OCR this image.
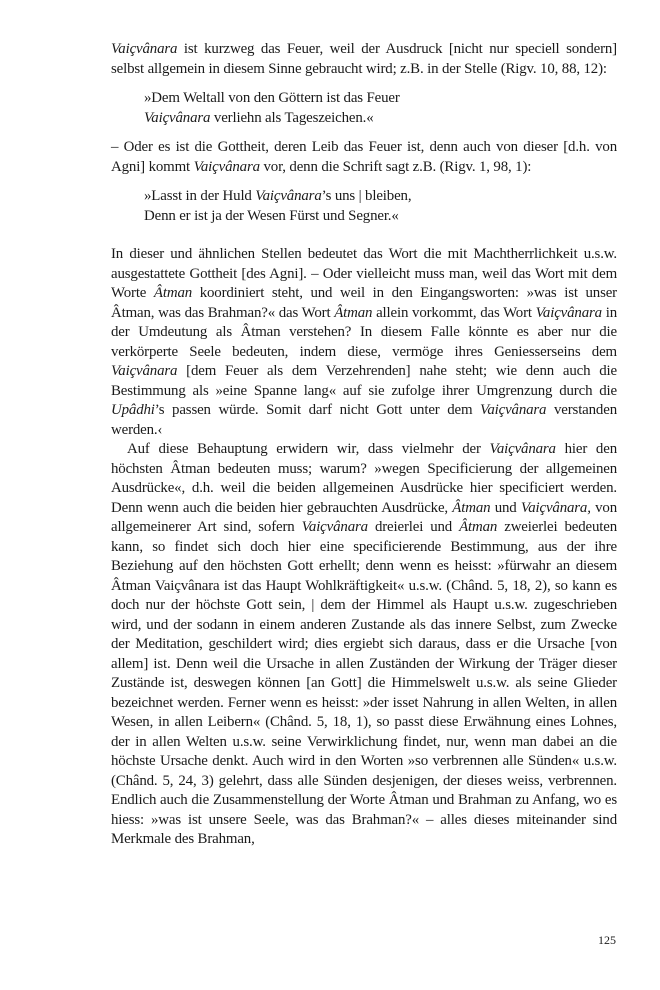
Vaiçvânara ist kurzweg das Feuer, weil der Ausdruck [nicht nur speciell sondern] selbst allgemein in diesem Sinne gebraucht wird; z.B. in der Stelle (Rigv. 10, 88, 12):

»Dem Weltall von den Göttern ist das Feuer
Vaiçvânara verliehn als Tageszeichen.«

– Oder es ist die Gottheit, deren Leib das Feuer ist, denn auch von dieser [d.h. von Agni] kommt Vaiçvânara vor, denn die Schrift sagt z.B. (Rigv. 1, 98, 1):

»Lasst in der Huld Vaiçvânara’s uns | bleiben,
Denn er ist ja der Wesen Fürst und Segner.«

In dieser und ähnlichen Stellen bedeutet das Wort die mit Machtherrlichkeit u.s.w. ausgestattete Gottheit [des Agni]. – Oder vielleicht muss man, weil das Wort mit dem Worte Âtman koordiniert steht, und weil in den Eingangsworten: »was ist unser Âtman, was das Brahman?« das Wort Âtman allein vorkommt, das Wort Vaiçvânara in der Umdeutung als Âtman verstehen? In diesem Falle könnte es aber nur die verkörperte Seele bedeuten, indem diese, vermöge ihres Geniesserseins dem Vaiçvânara [dem Feuer als dem Verzehrenden] nahe steht; wie denn auch die Bestimmung als »eine Spanne lang« auf sie zufolge ihrer Umgrenzung durch die Upâdhi’s passen würde. Somit darf nicht Gott unter dem Vaiçvânara verstanden werden.‹

Auf diese Behauptung erwidern wir, dass vielmehr der Vaiçvânara hier den höchsten Âtman bedeuten muss; warum? »wegen Specificierung der allgemeinen Ausdrücke«, d.h. weil die beiden allgemeinen Ausdrücke hier specificiert werden. Denn wenn auch die beiden hier gebrauchten Ausdrücke, Âtman und Vaiçvânara, von allgemeinerer Art sind, sofern Vaiçvânara dreierlei und Âtman zweierlei bedeuten kann, so findet sich doch hier eine specificierende Bestimmung, aus der ihre Beziehung auf den höchsten Gott erhellt; denn wenn es heisst: »fürwahr an diesem Âtman Vaiçvânara ist das Haupt Wohlkräftigkeit« u.s.w. (Chând. 5, 18, 2), so kann es doch nur der höchste Gott sein, | dem der Himmel als Haupt u.s.w. zugeschrieben wird, und der sodann in einem anderen Zustande als das innere Selbst, zum Zwecke der Meditation, geschildert wird; dies ergiebt sich daraus, dass er die Ursache [von allem] ist. Denn weil die Ursache in allen Zuständen der Wirkung der Träger dieser Zustände ist, deswegen können [an Gott] die Himmelswelt u.s.w. als seine Glieder bezeichnet werden. Ferner wenn es heisst: »der isset Nahrung in allen Welten, in allen Wesen, in allen Leibern« (Chând. 5, 18, 1), so passt diese Erwähnung eines Lohnes, der in allen Welten u.s.w. seine Verwirklichung findet, nur, wenn man dabei an die höchste Ursache denkt. Auch wird in den Worten »so verbrennen alle Sünden« u.s.w. (Chând. 5, 24, 3) gelehrt, dass alle Sünden desjenigen, der dieses weiss, verbrennen. Endlich auch die Zusammenstellung der Worte Âtman und Brahman zu Anfang, wo es hiess: »was ist unsere Seele, was das Brahman?« – alles dieses miteinander sind Merkmale des Brahman,

125
